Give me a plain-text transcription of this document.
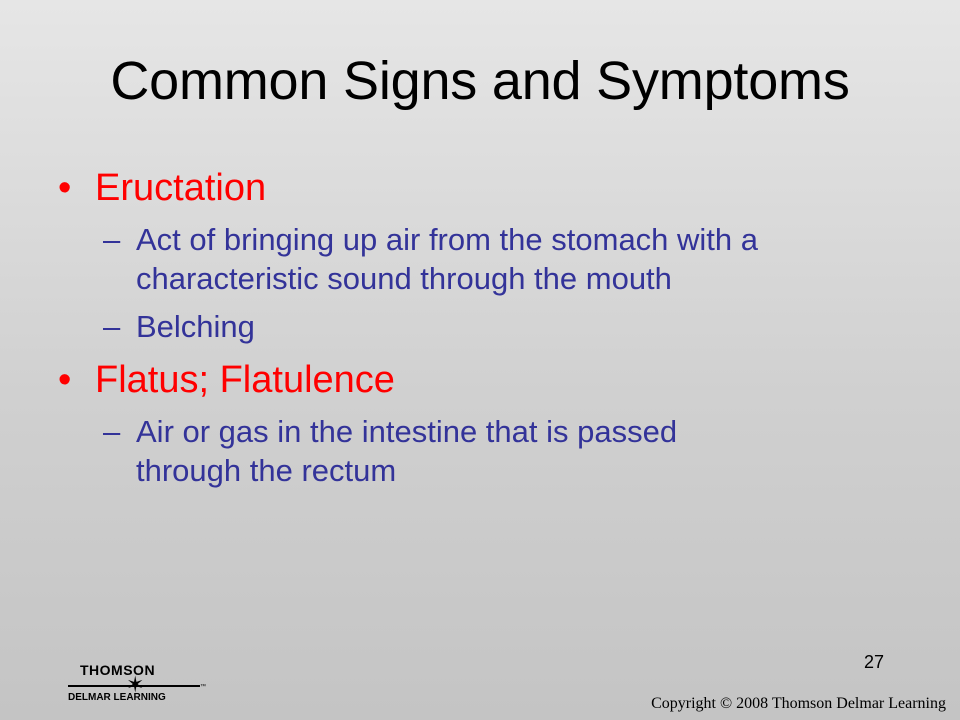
Common Signs and Symptoms
• Eructation
– Act of bringing up air from the stomach with a
characteristic sound through the mouth
– Belching
• Flatus; Flatulence
– Air or gas in the intestine that is passed
through the rectum
27
THOMSON
✶	™
DELMAR LEARNING	Copyright © 2008 Thomson Delmar Learning
